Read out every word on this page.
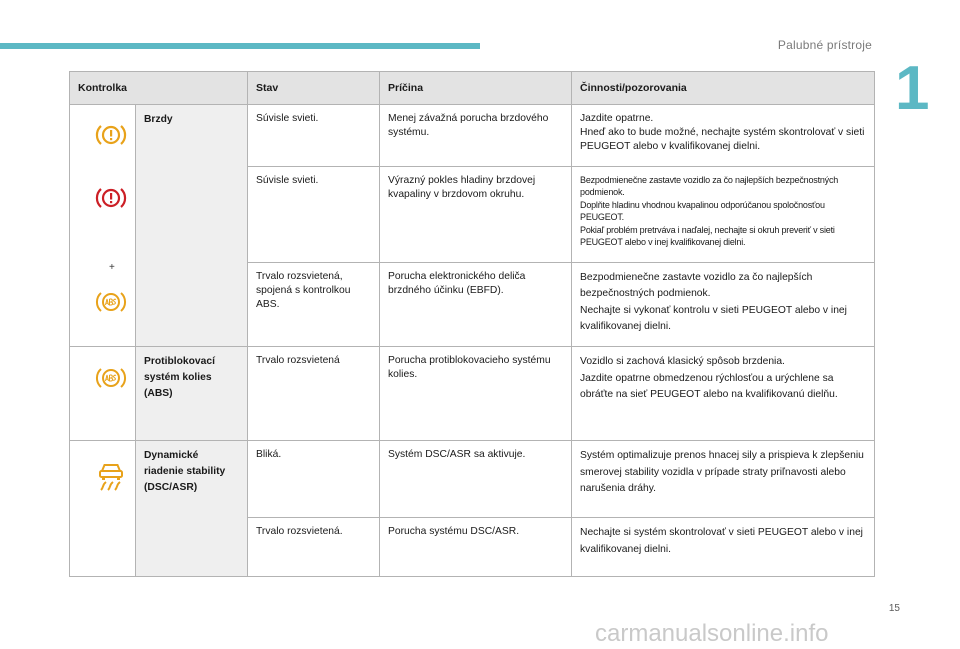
Palubné prístroje
1
Kontrolka		Stav	Príčina	Činnosti/pozorovania

+	Brzdy	Súvisle svieti.	Menej závažná porucha brzdového systému.	Jazdite opatrne.
Hneď ako to bude možné, nechajte systém skontrolovať v sieti PEUGEOT alebo v kvalifikovanej dielni.
		Súvisle svieti.	Výrazný pokles hladiny brzdovej kvapaliny v brzdovom okruhu.	Bezpodmienečne zastavte vozidlo za čo najlepších bezpečnostných podmienok.
Doplňte hladinu vhodnou kvapalinou odporúčanou spoločnosťou PEUGEOT.
Pokiaľ problém pretrváva i naďalej, nechajte si okruh preveriť v sieti PEUGEOT alebo v inej kvalifikovanej dielni.
		Trvalo rozsvietená, spojená s kontrolkou ABS.	Porucha elektronického deliča brzdného účinku (EBFD).	Bezpodmienečne zastavte vozidlo za čo najlepších bezpečnostných podmienok.
Nechajte si vykonať kontrolu v sieti PEUGEOT alebo v inej kvalifikovanej dielni.

	Protiblokovací systém kolies (ABS)	Trvalo rozsvietená	Porucha protiblokovacieho systému kolies.	Vozidlo si zachová klasický spôsob brzdenia.
Jazdite opatrne obmedzenou rýchlosťou a urýchlene sa obráťte na sieť PEUGEOT alebo na kvalifikovanú dielňu.

	Dynamické riadenie stability (DSC/ASR)	Bliká.	Systém DSC/ASR sa aktivuje.	Systém optimalizuje prenos hnacej sily a prispieva k zlepšeniu smerovej stability vozidla v prípade straty priľnavosti alebo narušenia dráhy.
		Trvalo rozsvietená.	Porucha systému DSC/ASR.	Nechajte si systém skontrolovať v sieti PEUGEOT alebo v inej kvalifikovanej dielni.
15
carmanualsonline.info
